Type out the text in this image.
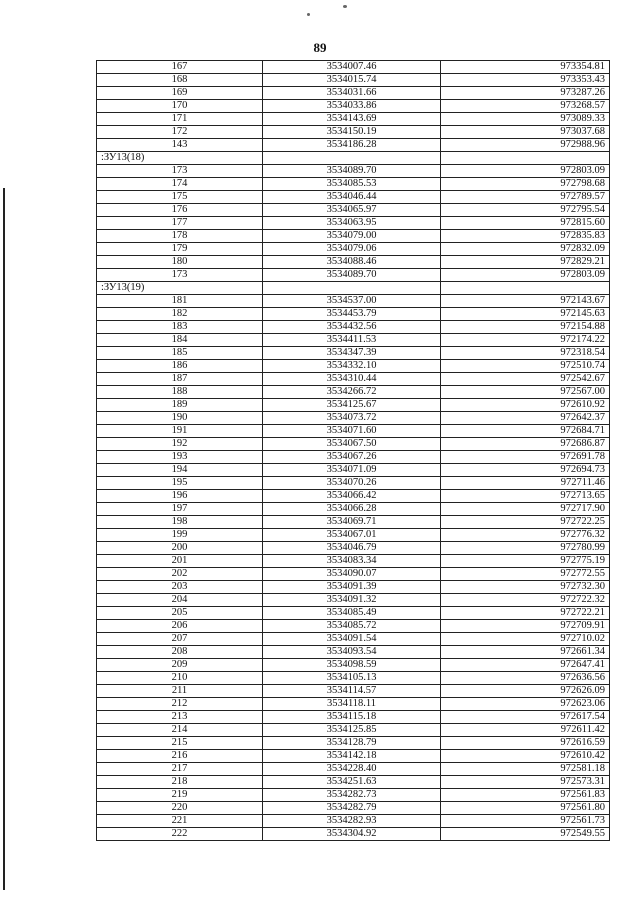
89
167	3534007.46	973354.81
168	3534015.74	973353.43
169	3534031.66	973287.26
170	3534033.86	973268.57
171	3534143.69	973089.33
172	3534150.19	973037.68
143	3534186.28	972988.96
:ЗУ13(18)		
173	3534089.70	972803.09
174	3534085.53	972798.68
175	3534046.44	972789.57
176	3534065.97	972795.54
177	3534063.95	972815.60
178	3534079.00	972835.83
179	3534079.06	972832.09
180	3534088.46	972829.21
173	3534089.70	972803.09
:ЗУ13(19)		
181	3534537.00	972143.67
182	3534453.79	972145.63
183	3534432.56	972154.88
184	3534411.53	972174.22
185	3534347.39	972318.54
186	3534332.10	972510.74
187	3534310.44	972542.67
188	3534266.72	972567.00
189	3534125.67	972610.92
190	3534073.72	972642.37
191	3534071.60	972684.71
192	3534067.50	972686.87
193	3534067.26	972691.78
194	3534071.09	972694.73
195	3534070.26	972711.46
196	3534066.42	972713.65
197	3534066.28	972717.90
198	3534069.71	972722.25
199	3534067.01	972776.32
200	3534046.79	972780.99
201	3534083.34	972775.19
202	3534090.07	972772.55
203	3534091.39	972732.30
204	3534091.32	972722.32
205	3534085.49	972722.21
206	3534085.72	972709.91
207	3534091.54	972710.02
208	3534093.54	972661.34
209	3534098.59	972647.41
210	3534105.13	972636.56
211	3534114.57	972626.09
212	3534118.11	972623.06
213	3534115.18	972617.54
214	3534125.85	972611.42
215	3534128.79	972616.59
216	3534142.18	972610.42
217	3534228.40	972581.18
218	3534251.63	972573.31
219	3534282.73	972561.83
220	3534282.79	972561.80
221	3534282.93	972561.73
222	3534304.92	972549.55
